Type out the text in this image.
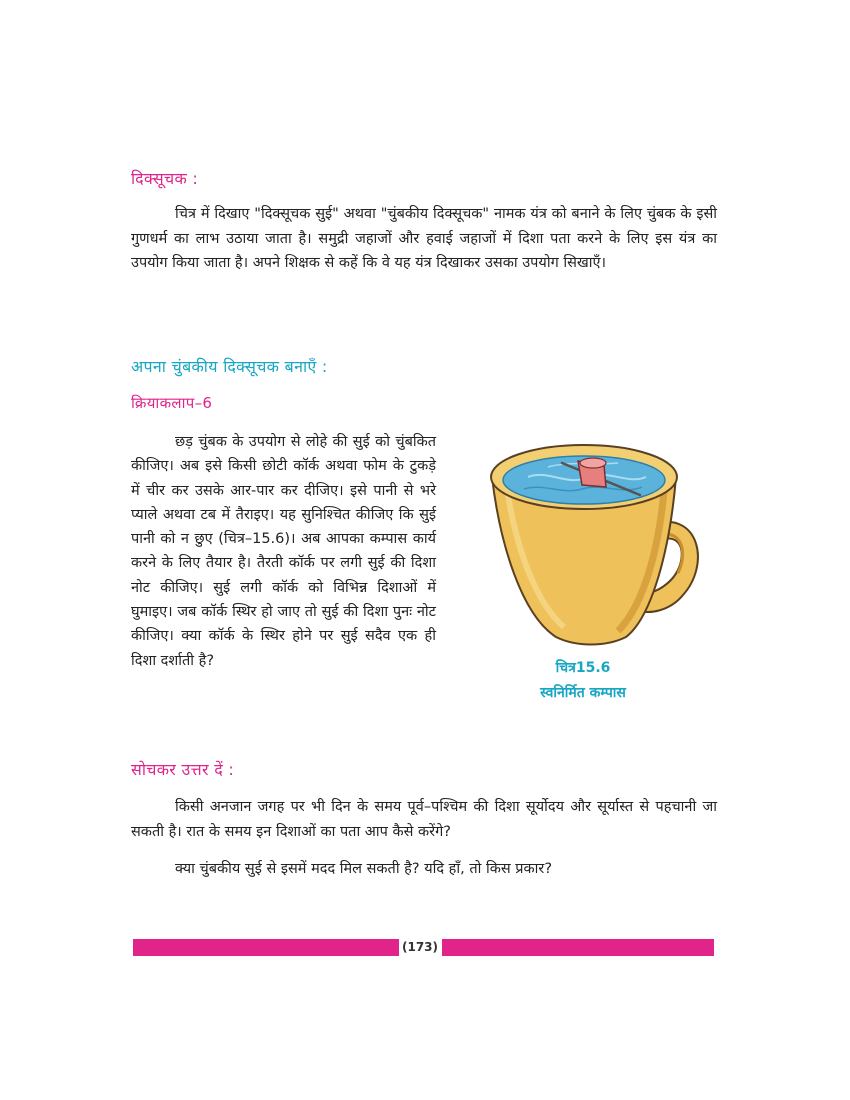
दिक्सूचक :

चित्र में दिखाए "दिक्सूचक सुई" अथवा "चुंबकीय दिक्सूचक" नामक यंत्र को बनाने के लिए चुंबक के इसी गुणधर्म का लाभ उठाया जाता है। समुद्री जहाजों और हवाई जहाजों में दिशा पता करने के लिए इस यंत्र का उपयोग किया जाता है। अपने शिक्षक से कहें कि वे यह यंत्र दिखाकर उसका उपयोग सिखाएँ।

अपना चुंबकीय दिक्सूचक बनाएँ :
क्रियाकलाप–6

छड़ चुंबक के उपयोग से लोहे की सुई को चुंबकित कीजिए। अब इसे किसी छोटी कॉर्क अथवा फोम के टुकड़े में चीर कर उसके आर-पार कर दीजिए। इसे पानी से भरे प्याले अथवा टब में तैराइए। यह सुनिश्चित कीजिए कि सुई पानी को न छुए (चित्र–15.6)। अब आपका कम्पास कार्य करने के लिए तैयार है। तैरती कॉर्क पर लगी सुई की दिशा नोट कीजिए। सुई लगी कॉर्क को विभिन्न दिशाओं में घुमाइए। जब कॉर्क स्थिर हो जाए तो सुई की दिशा पुनः नोट कीजिए। क्या कॉर्क के स्थिर होने पर सुई सदैव एक ही दिशा दर्शाती है?	चित्र15.6

स्वनिर्मित कम्पास

सोचकर उत्तर दें :

किसी अनजान जगह पर भी दिन के समय पूर्व–पश्चिम की दिशा सूर्योदय और सूर्यास्त से पहचानी जा सकती है। रात के समय इन दिशाओं का पता आप कैसे करेंगे?

क्या चुंबकीय सुई से इसमें मदद मिल सकती है? यदि हाँ, तो किस प्रकार?

(173)
